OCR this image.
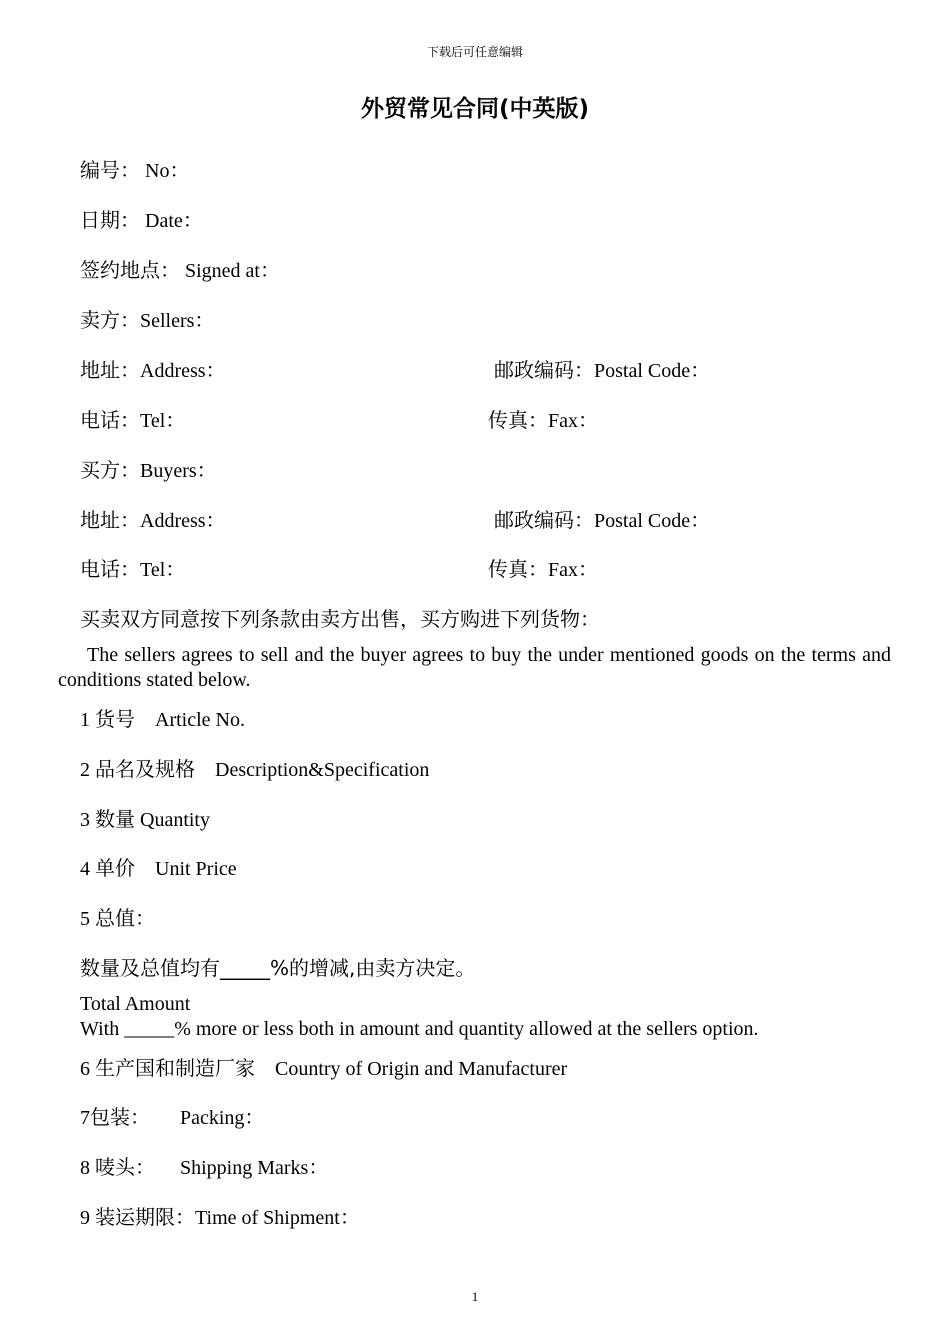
下载后可任意编辑
外贸常见合同(中英版)
编号： No：
日期： Date：
签约地点： Signed at：
卖方：Sellers：
地址：Address：	邮政编码：Postal Code：
电话：Tel：	传真：Fax：
买方：Buyers：
地址：Address：	邮政编码：Postal Code：
电话：Tel：	传真：Fax：
买卖双方同意按下列条款由卖方出售，买方购进下列货物：
The sellers agrees to sell and the buyer agrees to buy the under mentioned goods on the terms and conditions stated below.
1 货号 Article No.
2 品名及规格 Description&Specification
3 数量 Quantity
4 单价 Unit Price
5 总值：
数量及总值均有_____%的增减,由卖方决定。
Total Amount
With _____% more or less both in amount and quantity allowed at the sellers option.
6 生产国和制造厂家 Country of Origin and Manufacturer
7包装： Packing：
8 唛头： Shipping Marks：
9 装运期限：Time of Shipment：
1
